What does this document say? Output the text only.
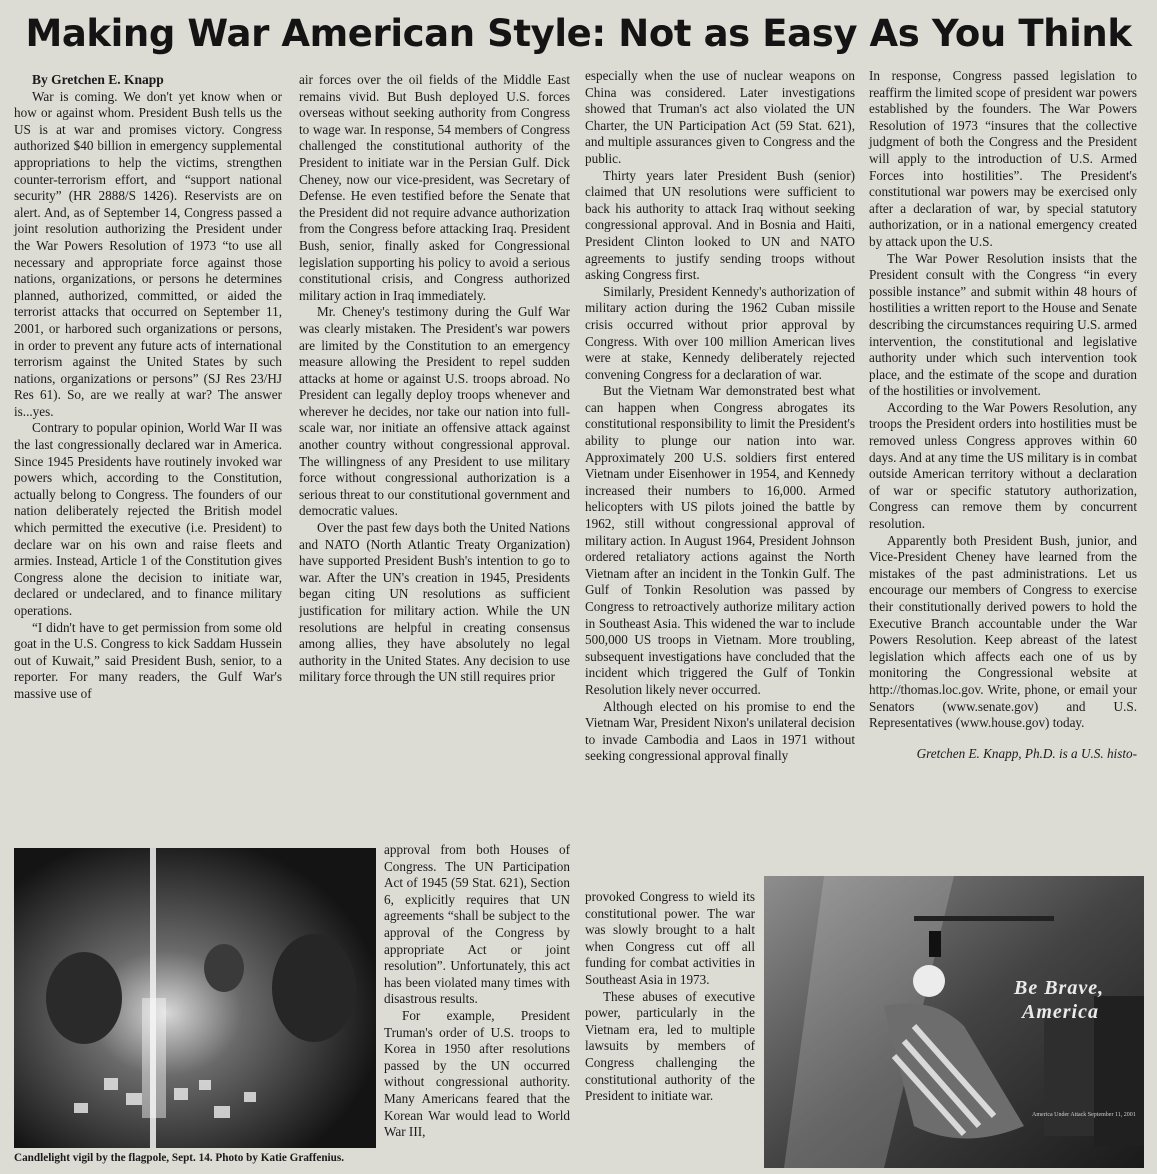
Making War American Style: Not as Easy As You Think

By Gretchen E. Knapp

War is coming. We don't yet know when or how or against whom. President Bush tells us the US is at war and promises victory. Congress authorized $40 billion in emergency supplemental appropriations to help the victims, strengthen counter-terrorism effort, and “support national security” (HR 2888/S 1426). Reservists are on alert. And, as of September 14, Congress passed a joint resolution authorizing the President under the War Powers Resolution of 1973 “to use all necessary and appropriate force against those nations, organizations, or persons he determines planned, authorized, committed, or aided the terrorist attacks that occurred on September 11, 2001, or harbored such organizations or persons, in order to prevent any future acts of international terrorism against the United States by such nations, organizations or persons” (SJ Res 23/HJ Res 61). So, are we really at war? The answer is...yes.

Contrary to popular opinion, World War II was the last congressionally declared war in America. Since 1945 Presidents have routinely invoked war powers which, according to the Constitution, actually belong to Congress. The founders of our nation deliberately rejected the British model which permitted the executive (i.e. President) to declare war on his own and raise fleets and armies. Instead, Article 1 of the Constitution gives Congress alone the decision to initiate war, declared or undeclared, and to finance military operations.

“I didn't have to get permission from some old goat in the U.S. Congress to kick Saddam Hussein out of Kuwait,” said President Bush, senior, to a reporter. For many readers, the Gulf War's massive use of

air forces over the oil fields of the Middle East remains vivid. But Bush deployed U.S. forces overseas without seeking authority from Congress to wage war. In response, 54 members of Congress challenged the constitutional authority of the President to initiate war in the Persian Gulf. Dick Cheney, now our vice-president, was Secretary of Defense. He even testified before the Senate that the President did not require advance authorization from the Congress before attacking Iraq. President Bush, senior, finally asked for Congressional legislation supporting his policy to avoid a serious constitutional crisis, and Congress authorized military action in Iraq immediately.

Mr. Cheney's testimony during the Gulf War was clearly mistaken. The President's war powers are limited by the Constitution to an emergency measure allowing the President to repel sudden attacks at home or against U.S. troops abroad. No President can legally deploy troops whenever and wherever he decides, nor take our nation into full-scale war, nor initiate an offensive attack against another country without congressional approval. The willingness of any President to use military force without congressional authorization is a serious threat to our constitutional government and democratic values.

Over the past few days both the United Nations and NATO (North Atlantic Treaty Organization) have supported President Bush's intention to go to war. After the UN's creation in 1945, Presidents began citing UN resolutions as sufficient justification for military action. While the UN resolutions are helpful in creating consensus among allies, they have absolutely no legal authority in the United States. Any decision to use military force through the UN still requires prior

approval from both Houses of Congress. The UN Participation Act of 1945 (59 Stat. 621), Section 6, explicitly requires that UN agreements “shall be subject to the approval of the Congress by appropriate Act or joint resolution”. Unfortunately, this act has been violated many times with disastrous results.

For example, President Truman's order of U.S. troops to Korea in 1950 after resolutions passed by the UN occurred without congressional authority. Many Americans feared that the Korean War would lead to World War III,

especially when the use of nuclear weapons on China was considered. Later investigations showed that Truman's act also violated the UN Charter, the UN Participation Act (59 Stat. 621), and multiple assurances given to Congress and the public.

Thirty years later President Bush (senior) claimed that UN resolutions were sufficient to back his authority to attack Iraq without seeking congressional approval. And in Bosnia and Haiti, President Clinton looked to UN and NATO agreements to justify sending troops without asking Congress first.

Similarly, President Kennedy's authorization of military action during the 1962 Cuban missile crisis occurred without prior approval by Congress. With over 100 million American lives were at stake, Kennedy deliberately rejected convening Congress for a declaration of war.

But the Vietnam War demonstrated best what can happen when Congress abrogates its constitutional responsibility to limit the President's ability to plunge our nation into war. Approximately 200 U.S. soldiers first entered Vietnam under Eisenhower in 1954, and Kennedy increased their numbers to 16,000. Armed helicopters with US pilots joined the battle by 1962, still without congressional approval of military action. In August 1964, President Johnson ordered retaliatory actions against the North Vietnam after an incident in the Tonkin Gulf. The Gulf of Tonkin Resolution was passed by Congress to retroactively authorize military action in Southeast Asia. This widened the war to include 500,000 US troops in Vietnam. More troubling, subsequent investigations have concluded that the incident which triggered the Gulf of Tonkin Resolution likely never occurred.

Although elected on his promise to end the Vietnam War, President Nixon's unilateral decision to invade Cambodia and Laos in 1971 without seeking congressional approval finally

provoked Congress to wield its constitutional power. The war was slowly brought to a halt when Congress cut off all funding for combat activities in Southeast Asia in 1973.

These abuses of executive power, particularly in the Vietnam era, led to multiple lawsuits by members of Congress challenging the constitutional authority of the President to initiate war.

In response, Congress passed legislation to reaffirm the limited scope of president war powers established by the founders. The War Powers Resolution of 1973 “insures that the collective judgment of both the Congress and the President will apply to the introduction of U.S. Armed Forces into hostilities”. The President's constitutional war powers may be exercised only after a declaration of war, by special statutory authorization, or in a national emergency created by attack upon the U.S.

The War Power Resolution insists that the President consult with the Congress “in every possible instance” and submit within 48 hours of hostilities a written report to the House and Senate describing the circumstances requiring U.S. armed intervention, the constitutional and legislative authority under which such intervention took place, and the estimate of the scope and duration of the hostilities or involvement.

According to the War Powers Resolution, any troops the President orders into hostilities must be removed unless Congress approves within 60 days. And at any time the US military is in combat outside American territory without a declaration of war or specific statutory authorization, Congress can remove them by concurrent resolution.

Apparently both President Bush, junior, and Vice-President Cheney have learned from the mistakes of the past administrations. Let us encourage our members of Congress to exercise their constitutionally derived powers to hold the Executive Branch accountable under the War Powers Resolution. Keep abreast of the latest legislation which affects each one of us by monitoring the Congressional website at http://thomas.loc.gov. Write, phone, or email your Senators (www.senate.gov) and U.S. Representatives (www.house.gov) today.

Gretchen E. Knapp, Ph.D. is a U.S. histo-

Candlelight vigil by the flagpole, Sept. 14. Photo by Katie Graffenius.
Be Brave,
America
America Under Attack September 11, 2001
